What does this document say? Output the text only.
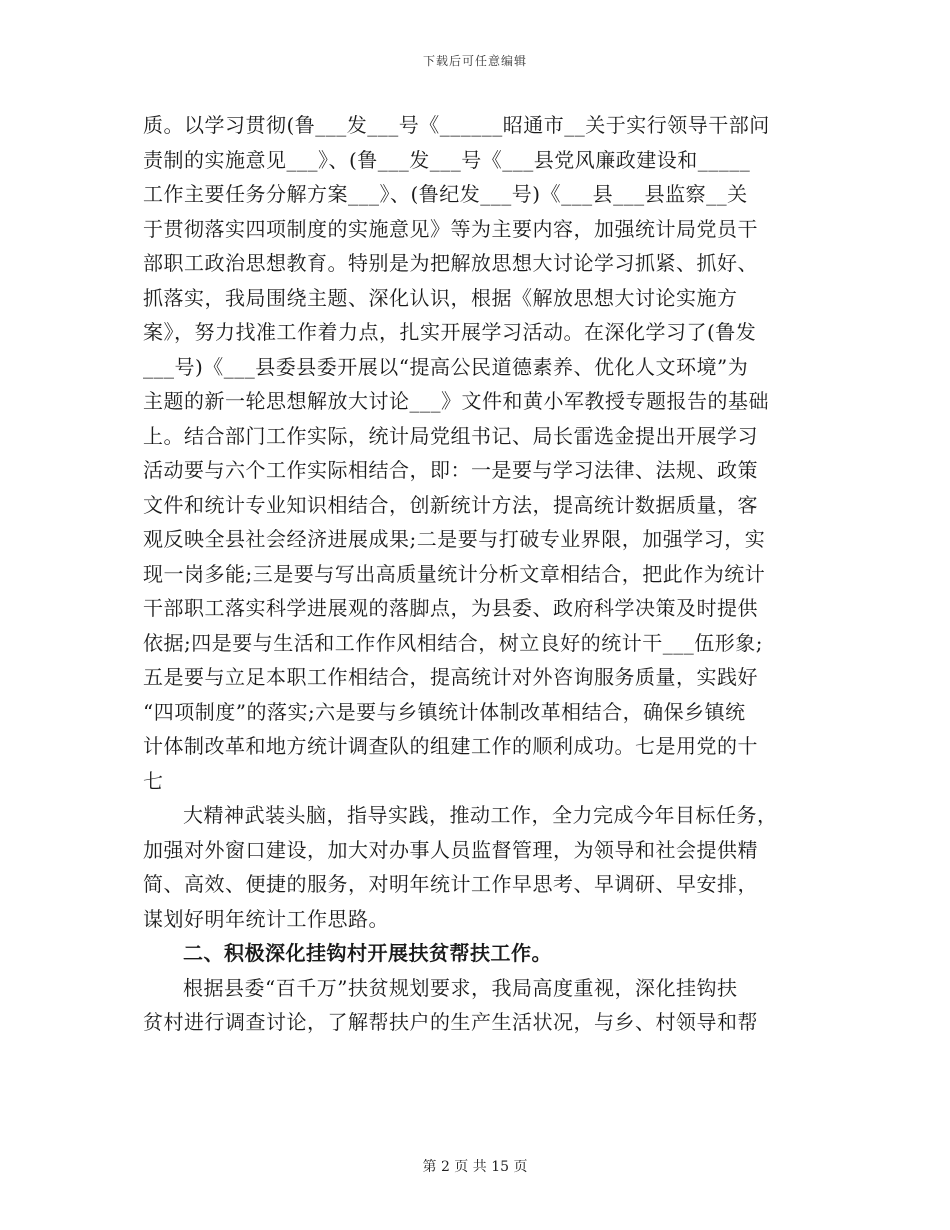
下载后可任意编辑

质。以学习贯彻(鲁___发___号《______昭通市__关于实行领导干部问
责制的实施意见___》、(鲁___发___号《___县党风廉政建设和_____
工作主要任务分解方案___》、(鲁纪发___号)《___县___县监察__关
于贯彻落实四项制度的实施意见》等为主要内容，加强统计局党员干
部职工政治思想教育。特别是为把解放思想大讨论学习抓紧、抓好、
抓落实，我局围绕主题、深化认识，根据《解放思想大讨论实施方
案》，努力找准工作着力点，扎实开展学习活动。在深化学习了(鲁发
___号)《___县委县委开展以“提高公民道德素养、优化人文环境”为
主题的新一轮思想解放大讨论___》文件和黄小军教授专题报告的基础
上。结合部门工作实际，统计局党组书记、局长雷选金提出开展学习
活动要与六个工作实际相结合，即：一是要与学习法律、法规、政策
文件和统计专业知识相结合，创新统计方法，提高统计数据质量，客
观反映全县社会经济进展成果;二是要与打破专业界限，加强学习，实
现一岗多能;三是要与写出高质量统计分析文章相结合，把此作为统计
干部职工落实科学进展观的落脚点，为县委、政府科学决策及时提供
依据;四是要与生活和工作作风相结合，树立良好的统计干___伍形象;
五是要与立足本职工作相结合，提高统计对外咨询服务质量，实践好
“四项制度”的落实;六是要与乡镇统计体制改革相结合，确保乡镇统
计体制改革和地方统计调查队的组建工作的顺利成功。七是用党的十
七

大精神武装头脑，指导实践，推动工作，全力完成今年目标任务，
加强对外窗口建设，加大对办事人员监督管理，为领导和社会提供精
简、高效、便捷的服务，对明年统计工作早思考、早调研、早安排，
谋划好明年统计工作思路。

二、积极深化挂钩村开展扶贫帮扶工作。

根据县委“百千万”扶贫规划要求，我局高度重视，深化挂钩扶
贫村进行调查讨论，了解帮扶户的生产生活状况，与乡、村领导和帮

第 2 页 共 15 页
